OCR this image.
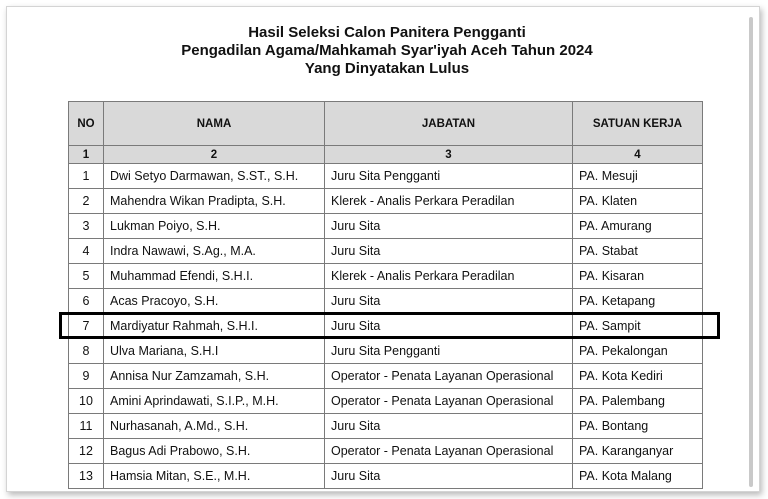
Hasil Seleksi Calon Panitera Pengganti
Pengadilan Agama/Mahkamah Syar'iyah Aceh Tahun 2024
Yang Dinyatakan Lulus
NO	NAMA	JABATAN	SATUAN KERJA
1	2	3	4
1	Dwi Setyo Darmawan, S.ST., S.H.	Juru Sita Pengganti	PA. Mesuji
2	Mahendra Wikan Pradipta, S.H.	Klerek - Analis Perkara Peradilan	PA. Klaten
3	Lukman Poiyo, S.H.	Juru Sita	PA. Amurang
4	Indra Nawawi, S.Ag., M.A.	Juru Sita	PA. Stabat
5	Muhammad Efendi, S.H.I.	Klerek - Analis Perkara Peradilan	PA. Kisaran
6	Acas Pracoyo, S.H.	Juru Sita	PA. Ketapang
7	Mardiyatur Rahmah, S.H.I.	Juru Sita	PA. Sampit
8	Ulva Mariana, S.H.I	Juru Sita Pengganti	PA. Pekalongan
9	Annisa Nur Zamzamah, S.H.	Operator - Penata Layanan Operasional	PA. Kota Kediri
10	Amini Aprindawati, S.I.P., M.H.	Operator - Penata Layanan Operasional	PA. Palembang
11	Nurhasanah, A.Md., S.H.	Juru Sita	PA. Bontang
12	Bagus Adi Prabowo, S.H.	Operator - Penata Layanan Operasional	PA. Karanganyar
13	Hamsia Mitan, S.E., M.H.	Juru Sita	PA. Kota Malang
